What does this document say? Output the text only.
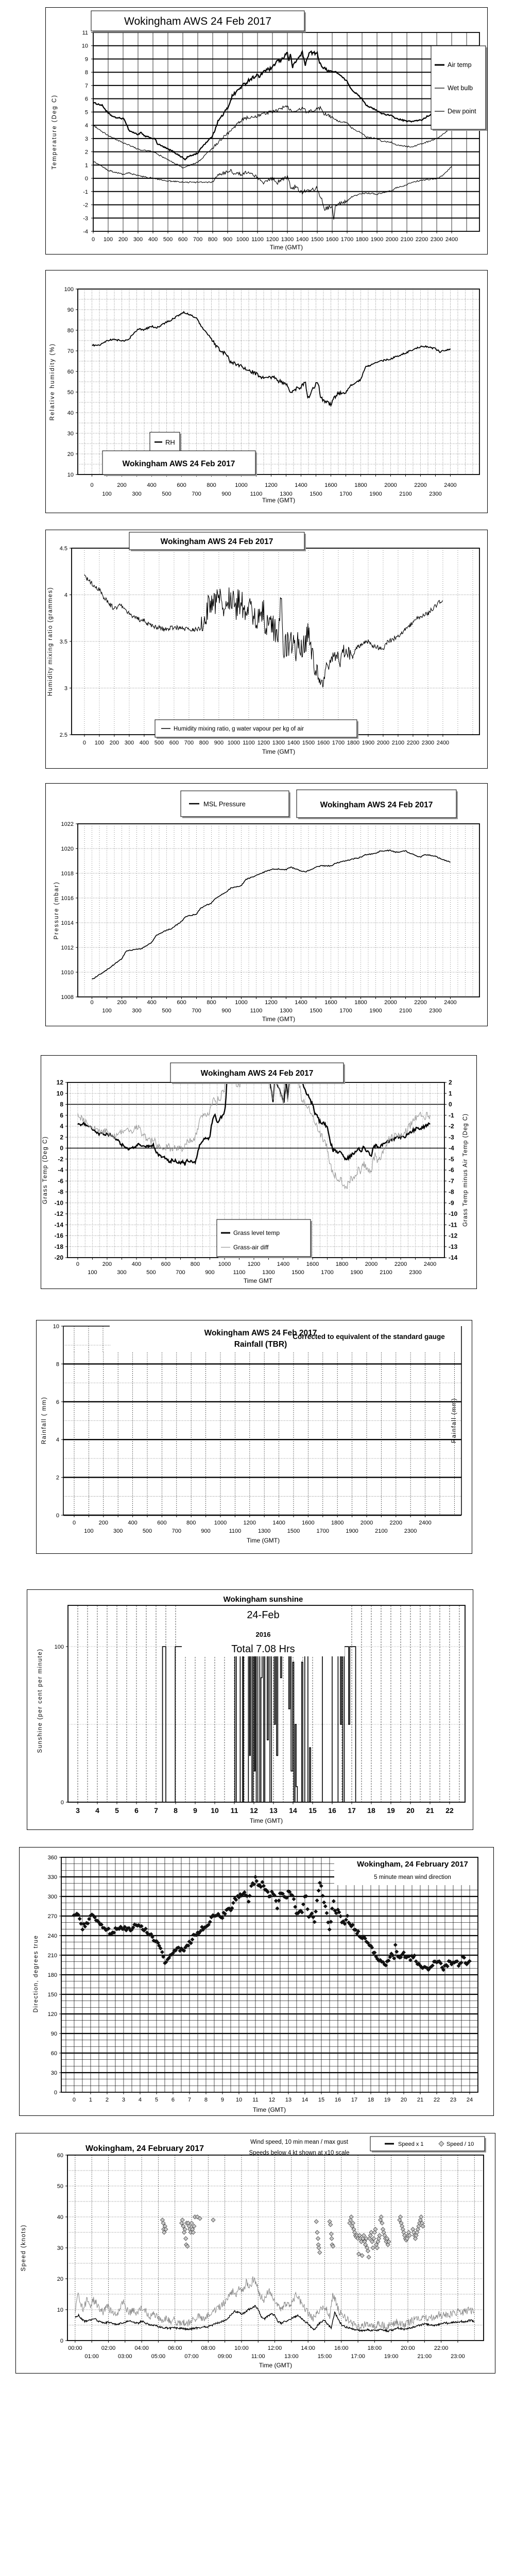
0 100 200 300 400 500 600 700 800 900 1000 1100 1200 1300 1400 1500 1600 1700 1800 1900 2000 2100 2200 2300 2400
-4
-3
-2
-1
0
1
2
3
4
5
6
7
8
9
10
11
Wokingham AWS 24 Feb 2017
Air temp
Wet bulb
Dew point
Temperature (Deg C)
Time (GMT)
0
100
200
300
400
500
600
700
800
900
1000
1100
1200
1300
1400
1500
1600
1700
1800
1900
2000
2100
2200
2300
2400
10
20
30
40
50
60
70
80
90
100
RH
Wokingham AWS 24 Feb 2017
Relative humidity (%)
Time (GMT)
0 100 200 300 400 500 600 700 800 900 1000 1100 1200 1300 1400 1500 1600 1700 1800 1900 2000 2100 2200 2300 2400
2.5
3
3.5
4
4.5
Wokingham AWS 24 Feb 2017
Humidity mixing ratio, g water vapour per kg of air
Humidity mixing ratio (grammes)
Time (GMT)
0
100
200
300
400
500
600
700
800
900
1000
1100
1200
1300
1400
1500
1600
1700
1800
1900
2000
2100
2200
2300
2400
1008
1010
1012
1014
1016
1018
1020
1022
MSL Pressure	Wokingham AWS 24 Feb 2017
Pressure (mbar)
Time (GMT)
0
100
200
300
400
500
600
700
800
900
1000
1100
1200
1300
1400
1500
1600
1700
1800
1900
2000
2100
2200
2300
2400
-20
-18
-16
-14
-12
-10
-8
-6
-4
-2
0
2
4
6
8
10
12
-14
-13
-12
-11
-10
-9
-8
-7
-6
-5
-4
-3
-2
-1
0
1
2
Wokingham AWS 24 Feb 2017
Grass level temp
Grass-air diff
Grass Temp (Deg C)	Grass Temp minus Air Temp (Deg C)
Time GMT
0
100
200
300
400
500
600
700
800
900
1000
1100
1200
1300
1400
1500
1600
1700
1800
1900
2000
2100
2200
2300
2400
0
2
4
6
8
10
Wokingham AWS 24 Feb 2017
Rainfall (TBR)
Corrected to equivalent of the standard gauge
Rainfall ( mm)	Rainfall (mm)
Time (GMT)
3 4 5 6 7 8 9 10 11 12 13 14 15 16 17 18 19 20 21 22
0
100
Wokingham sunshine
24-Feb
2016
Total 7.08 Hrs
Sunshine (per cent per minute)
Time (GMT)
0 1 2 3 4 5 6 7 8 9 10 11 12 13 14 15 16 17 18 19 20 21 22 23 24
0
30
60
90
120
150
180
210
240
270
300
330
360
Wokingham, 24 February 2017
5 minute mean wind direction
Direction, degrees true
Time (GMT)
00:00
01:00
02:00
03:00
04:00
05:00
06:00
07:00
08:00
09:00
10:00
11:00
12:00
13:00
14:00
15:00
16:00
17:00
18:00
19:00
20:00
21:00
22:00
23:00
0
10
20
30
40
50
60
Wokingham, 24 February 2017
Wind speed, 10 min mean / max gust
Speeds below 4 kt shown at x10 scale
Speed x 1	Speed / 10
Speed (knots)
Time (GMT)
